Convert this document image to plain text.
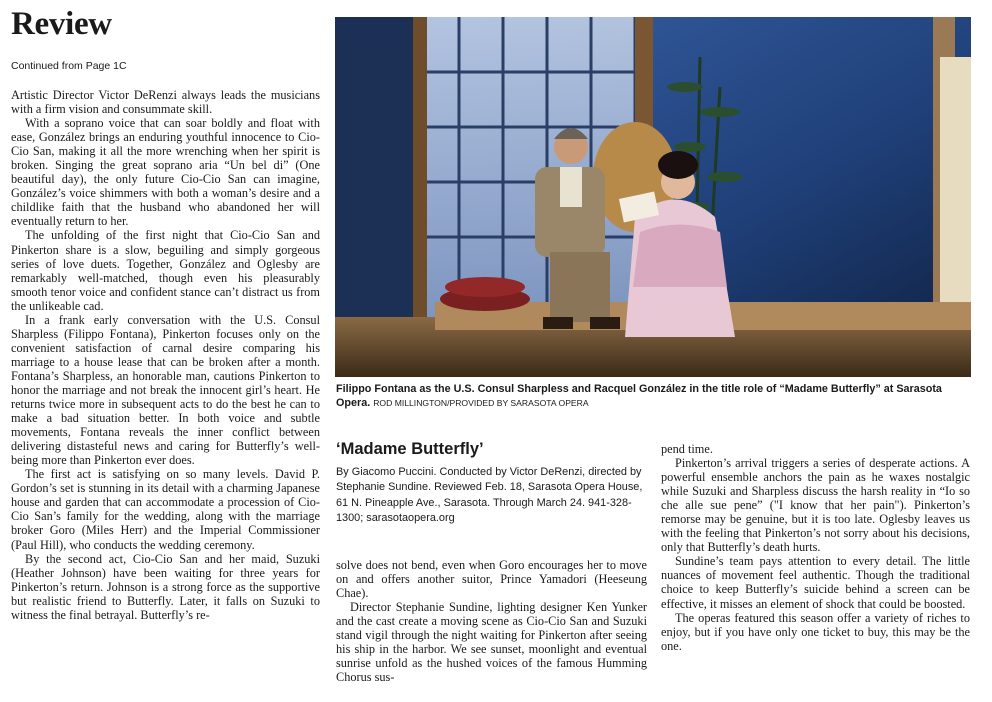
Review
Continued from Page 1C

Artistic Director Victor DeRenzi always leads the musicians with a firm vision and consummate skill.

With a soprano voice that can soar boldly and float with ease, González brings an enduring youthful innocence to Cio-Cio San, making it all the more wrenching when her spirit is broken. Singing the great soprano aria “Un bel di” (One beautiful day), the only future Cio-Cio San can imagine, González’s voice shimmers with both a woman’s desire and a childlike faith that the husband who abandoned her will eventually return to her.

The unfolding of the first night that Cio-Cio San and Pinkerton share is a slow, beguiling and simply gorgeous series of love duets. Together, González and Oglesby are remarkably well-matched, though even his pleasurably smooth tenor voice and confident stance can’t distract us from the unlikeable cad.

In a frank early conversation with the U.S. Consul Sharpless (Filippo Fontana), Pinkerton focuses only on the convenient satisfaction of carnal desire comparing his marriage to a house lease that can be broken after a month. Fontana’s Sharpless, an honorable man, cautions Pinkerton to honor the marriage and not break the innocent girl’s heart. He returns twice more in subsequent acts to do the best he can to make a bad situation better. In both voice and subtle movements, Fontana reveals the inner conflict between delivering distasteful news and caring for Butterfly’s well-being more than Pinkerton ever does.

The first act is satisfying on so many levels. David P. Gordon’s set is stunning in its detail with a charming Japanese house and garden that can accommodate a procession of Cio-Cio San’s family for the wedding, along with the marriage broker Goro (Miles Herr) and the Imperial Commissioner (Paul Hill), who conducts the wedding ceremony.

By the second act, Cio-Cio San and her maid, Suzuki (Heather Johnson) have been waiting for three years for Pinkerton’s return. Johnson is a strong force as the supportive but realistic friend to Butterfly. Later, it falls on Suzuki to witness the final betrayal. Butterfly’s re-

Filippo Fontana as the U.S. Consul Sharpless and Racquel González in the title role of “Madame Butterfly” at Sarasota Opera. ROD MILLINGTON/PROVIDED BY SARASOTA OPERA
‘Madame Butterfly’
By Giacomo Puccini. Conducted by Victor DeRenzi, directed by Stephanie Sundine. Reviewed Feb. 18, Sarasota Opera House, 61 N. Pineapple Ave., Sarasota. Through March 24. 941-328-1300; sarasotaopera.org

solve does not bend, even when Goro encourages her to move on and offers another suitor, Prince Yamadori (Heeseung Chae).

Director Stephanie Sundine, lighting designer Ken Yunker and the cast create a moving scene as Cio-Cio San and Suzuki stand vigil through the night waiting for Pinkerton after seeing his ship in the harbor. We see sunset, moonlight and eventual sunrise unfold as the hushed voices of the famous Humming Chorus sus-

pend time.

Pinkerton’s arrival triggers a series of desperate actions. A powerful ensemble anchors the pain as he waxes nostalgic while Suzuki and Sharpless discuss the harsh reality in “Io so che alle sue pene” ("I know that her pain"). Pinkerton’s remorse may be genuine, but it is too late. Oglesby leaves us with the feeling that Pinkerton’s not sorry about his decisions, only that Butterfly’s death hurts.

Sundine’s team pays attention to every detail. The little nuances of movement feel authentic. Though the traditional choice to keep Butterfly’s suicide behind a screen can be effective, it misses an element of shock that could be boosted.

The operas featured this season offer a variety of riches to enjoy, but if you have only one ticket to buy, this may be the one.
